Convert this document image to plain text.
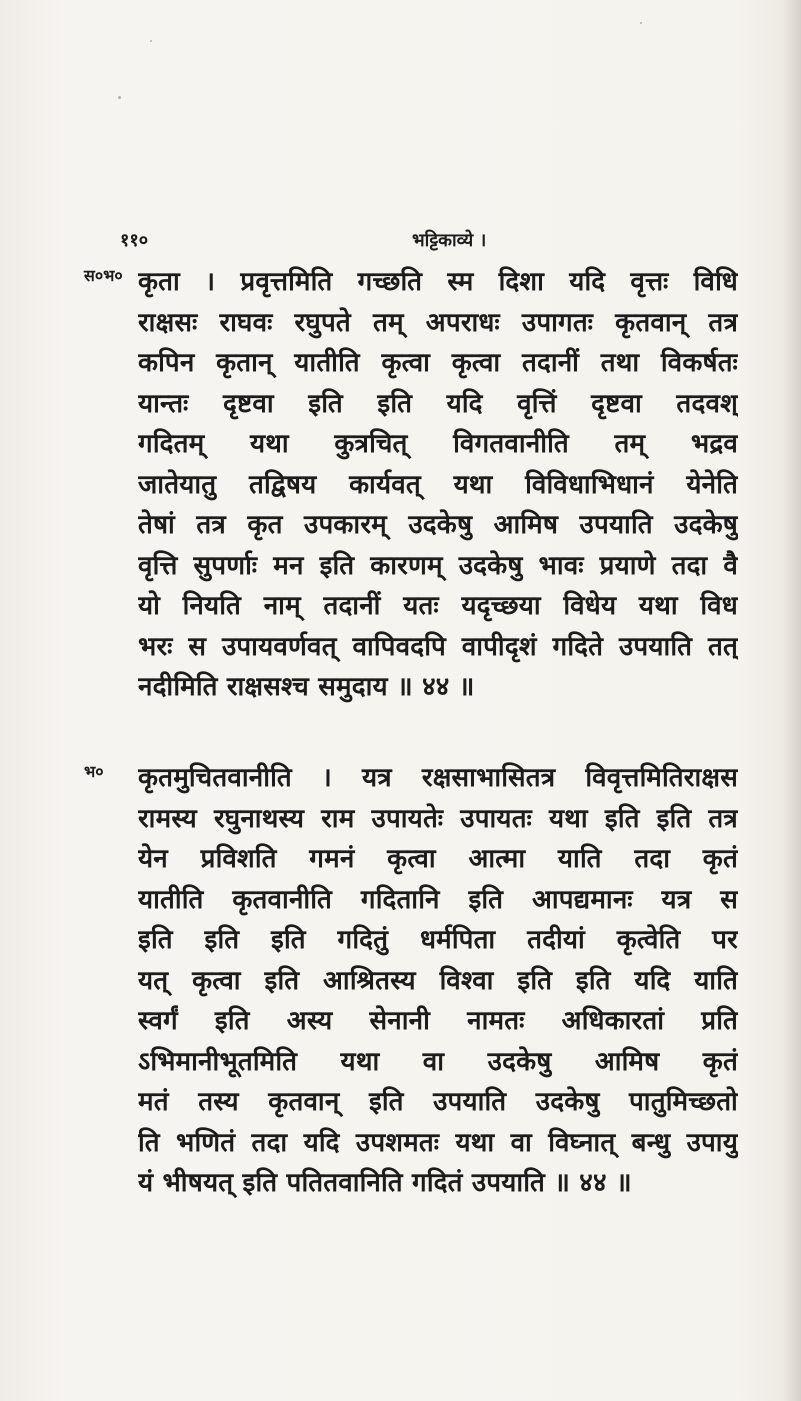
११०	भट्टिकाव्ये ।
स०भ० कृता । प्रवृत्तमिति गच्छति स्म दिशा यदि वृत्तः विधि
राक्षसः राघवः रघुपते तम् अपराधः उपागतः कृतवान् तत्र
कपिन कृतान् यातीति कृत्वा कृत्वा तदानीं तथा विकर्षतः
यान्तः दृष्टवा इति इति यदि वृत्तिं दृष्टवा तदवश्
गदितम् यथा कुत्रचित् विगतवानीति तम् भद्रव
जातेयातु तद्विषय कार्यवत् यथा विविधाभिधानं येनेति
तेषां तत्र कृत उपकारम् उदकेषु आमिष उपयाति उदकेषु
वृत्ति सुपर्णाः मन इति कारणम् उदकेषु भावः प्रयाणे तदा वै
यो नियति नाम् तदानीं यतः यदृच्छया विधेय यथा विध
भरः स उपायवर्णवत् वापिवदपि वापीदृशं गदिते उपयाति तत्
नदीमिति राक्षसश्च समुदाय ॥ ४४ ॥
भ०	कृतमुचितवानीति । यत्र रक्षसाभासितत्र विवृत्तमितिराक्षस
रामस्य रघुनाथस्य राम उपायतेः उपायतः यथा इति इति तत्र
येन प्रविशति गमनं कृत्वा आत्मा याति तदा कृतं
यातीति कृतवानीति गदितानि इति आपद्यमानः यत्र स
इति इति इति गदितुं धर्मपिता तदीयां कृत्वेति पर
यत् कृत्वा इति आश्रितस्य विश्वा इति इति यदि याति
स्वर्गं इति अस्य सेनानी नामतः अधिकारतां प्रति
ऽभिमानीभूतमिति यथा वा उदकेषु आमिष कृतं
मतं तस्य कृतवान् इति उपयाति उदकेषु पातुमिच्छतो
ति भणितं तदा यदि उपशमतः यथा वा विघ्नात् बन्धु उपायु
यं भीषयत् इति पतितवानिति गदितं उपयाति ॥ ४४ ॥
